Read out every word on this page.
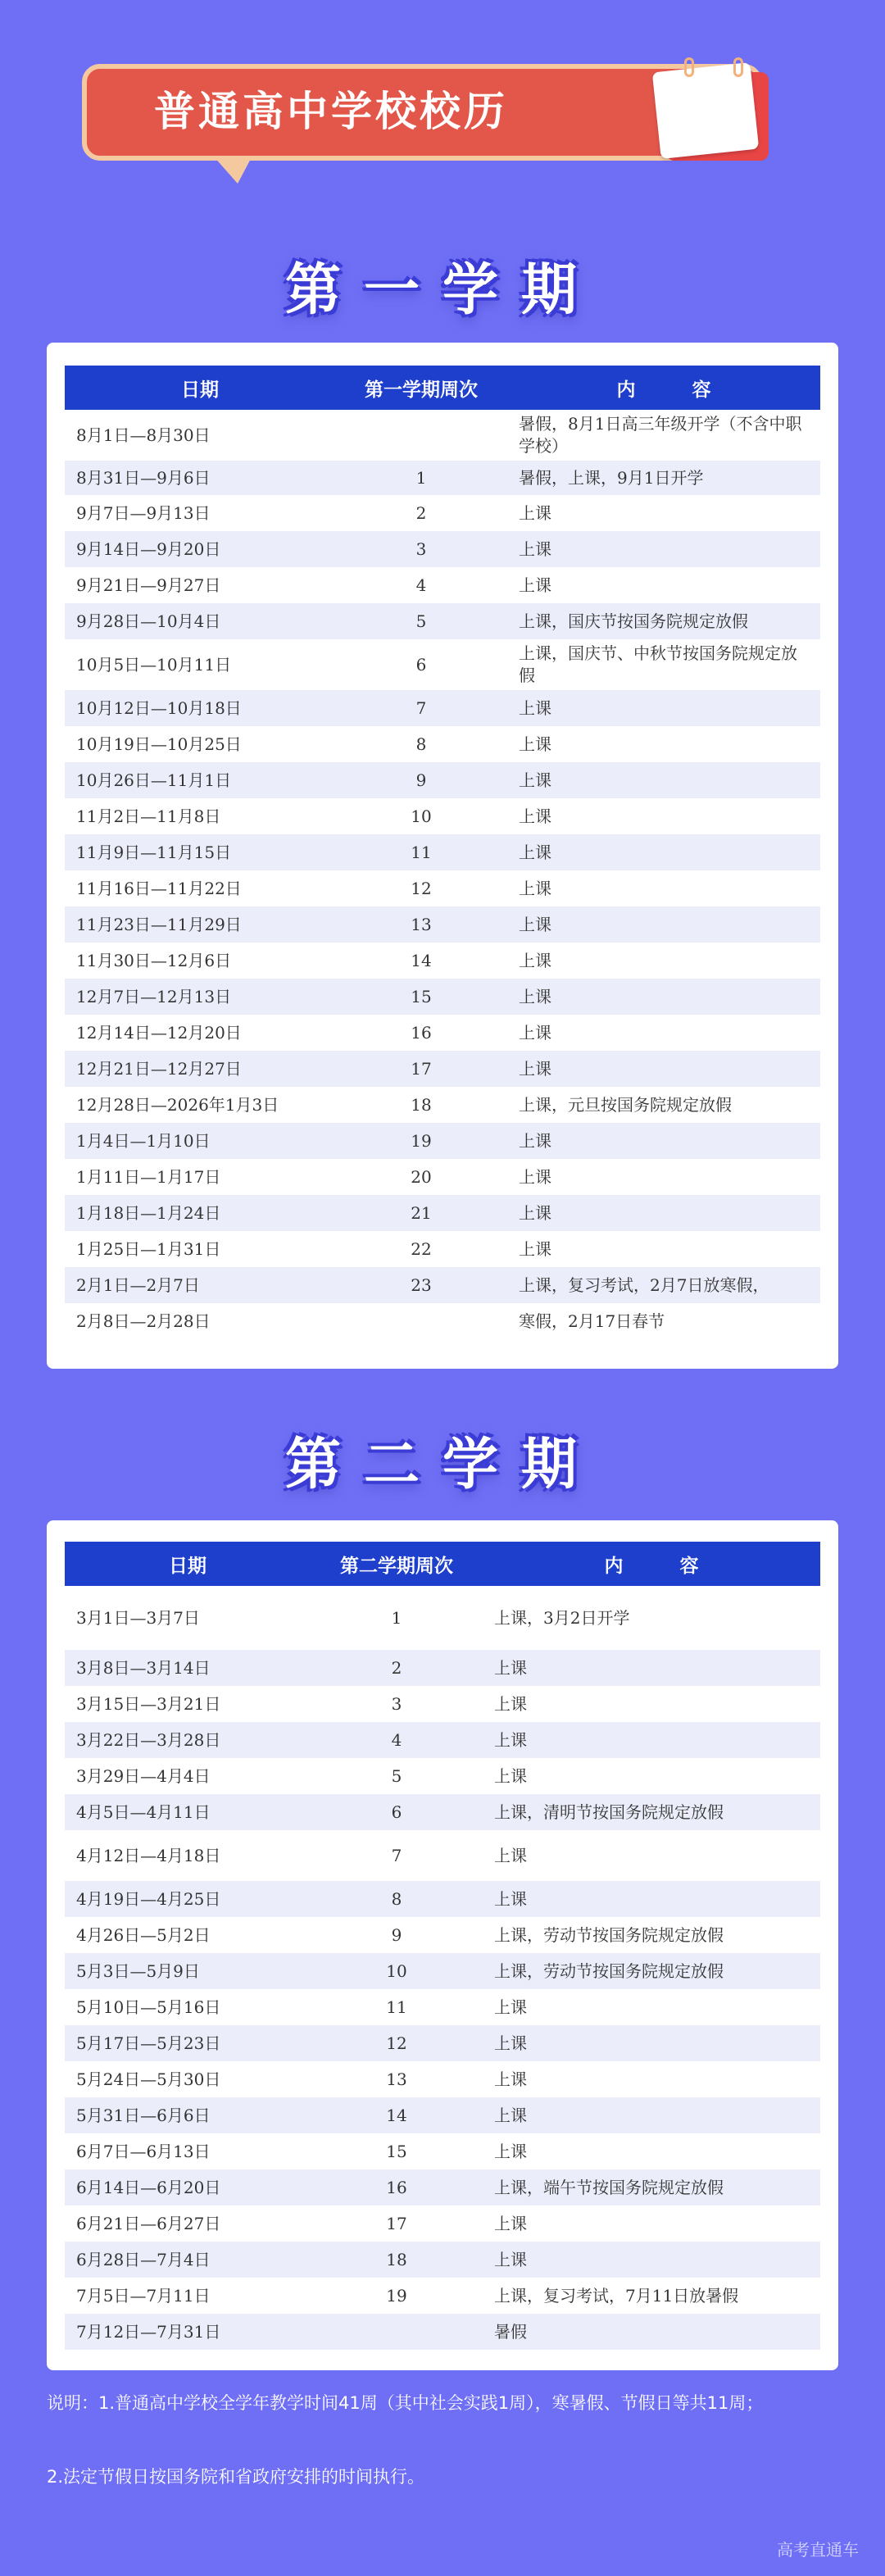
普通高中学校校历
第一学期
日期	第一学期周次	内　　　容
8月1日—8月30日		暑假，8月1日高三年级开学（不含中职学校）
8月31日—9月6日	1	暑假，上课，9月1日开学
9月7日—9月13日	2	上课
9月14日—9月20日	3	上课
9月21日—9月27日	4	上课
9月28日—10月4日	5	上课，国庆节按国务院规定放假
10月5日—10月11日	6	上课，国庆节、中秋节按国务院规定放假
10月12日—10月18日	7	上课
10月19日—10月25日	8	上课
10月26日—11月1日	9	上课
11月2日—11月8日	10	上课
11月9日—11月15日	11	上课
11月16日—11月22日	12	上课
11月23日—11月29日	13	上课
11月30日—12月6日	14	上课
12月7日—12月13日	15	上课
12月14日—12月20日	16	上课
12月21日—12月27日	17	上课
12月28日—2026年1月3日	18	上课，元旦按国务院规定放假
1月4日—1月10日	19	上课
1月11日—1月17日	20	上课
1月18日—1月24日	21	上课
1月25日—1月31日	22	上课
2月1日—2月7日	23	上课，复习考试，2月7日放寒假，
2月8日—2月28日		寒假，2月17日春节
第二学期
日期	第二学期周次	内　　　容
3月1日—3月7日	1	上课，3月2日开学
3月8日—3月14日	2	上课
3月15日—3月21日	3	上课
3月22日—3月28日	4	上课
3月29日—4月4日	5	上课
4月5日—4月11日	6	上课，清明节按国务院规定放假
4月12日—4月18日	7	上课
4月19日—4月25日	8	上课
4月26日—5月2日	9	上课，劳动节按国务院规定放假
5月3日—5月9日	10	上课，劳动节按国务院规定放假
5月10日—5月16日	11	上课
5月17日—5月23日	12	上课
5月24日—5月30日	13	上课
5月31日—6月6日	14	上课
6月7日—6月13日	15	上课
6月14日—6月20日	16	上课，端午节按国务院规定放假
6月21日—6月27日	17	上课
6月28日—7月4日	18	上课
7月5日—7月11日	19	上课，复习考试，7月11日放暑假
7月12日—7月31日		暑假
说明：1.普通高中学校全学年教学时间41周（其中社会实践1周），寒暑假、节假日等共11周；
2.法定节假日按国务院和省政府安排的时间执行。
高考直通车
